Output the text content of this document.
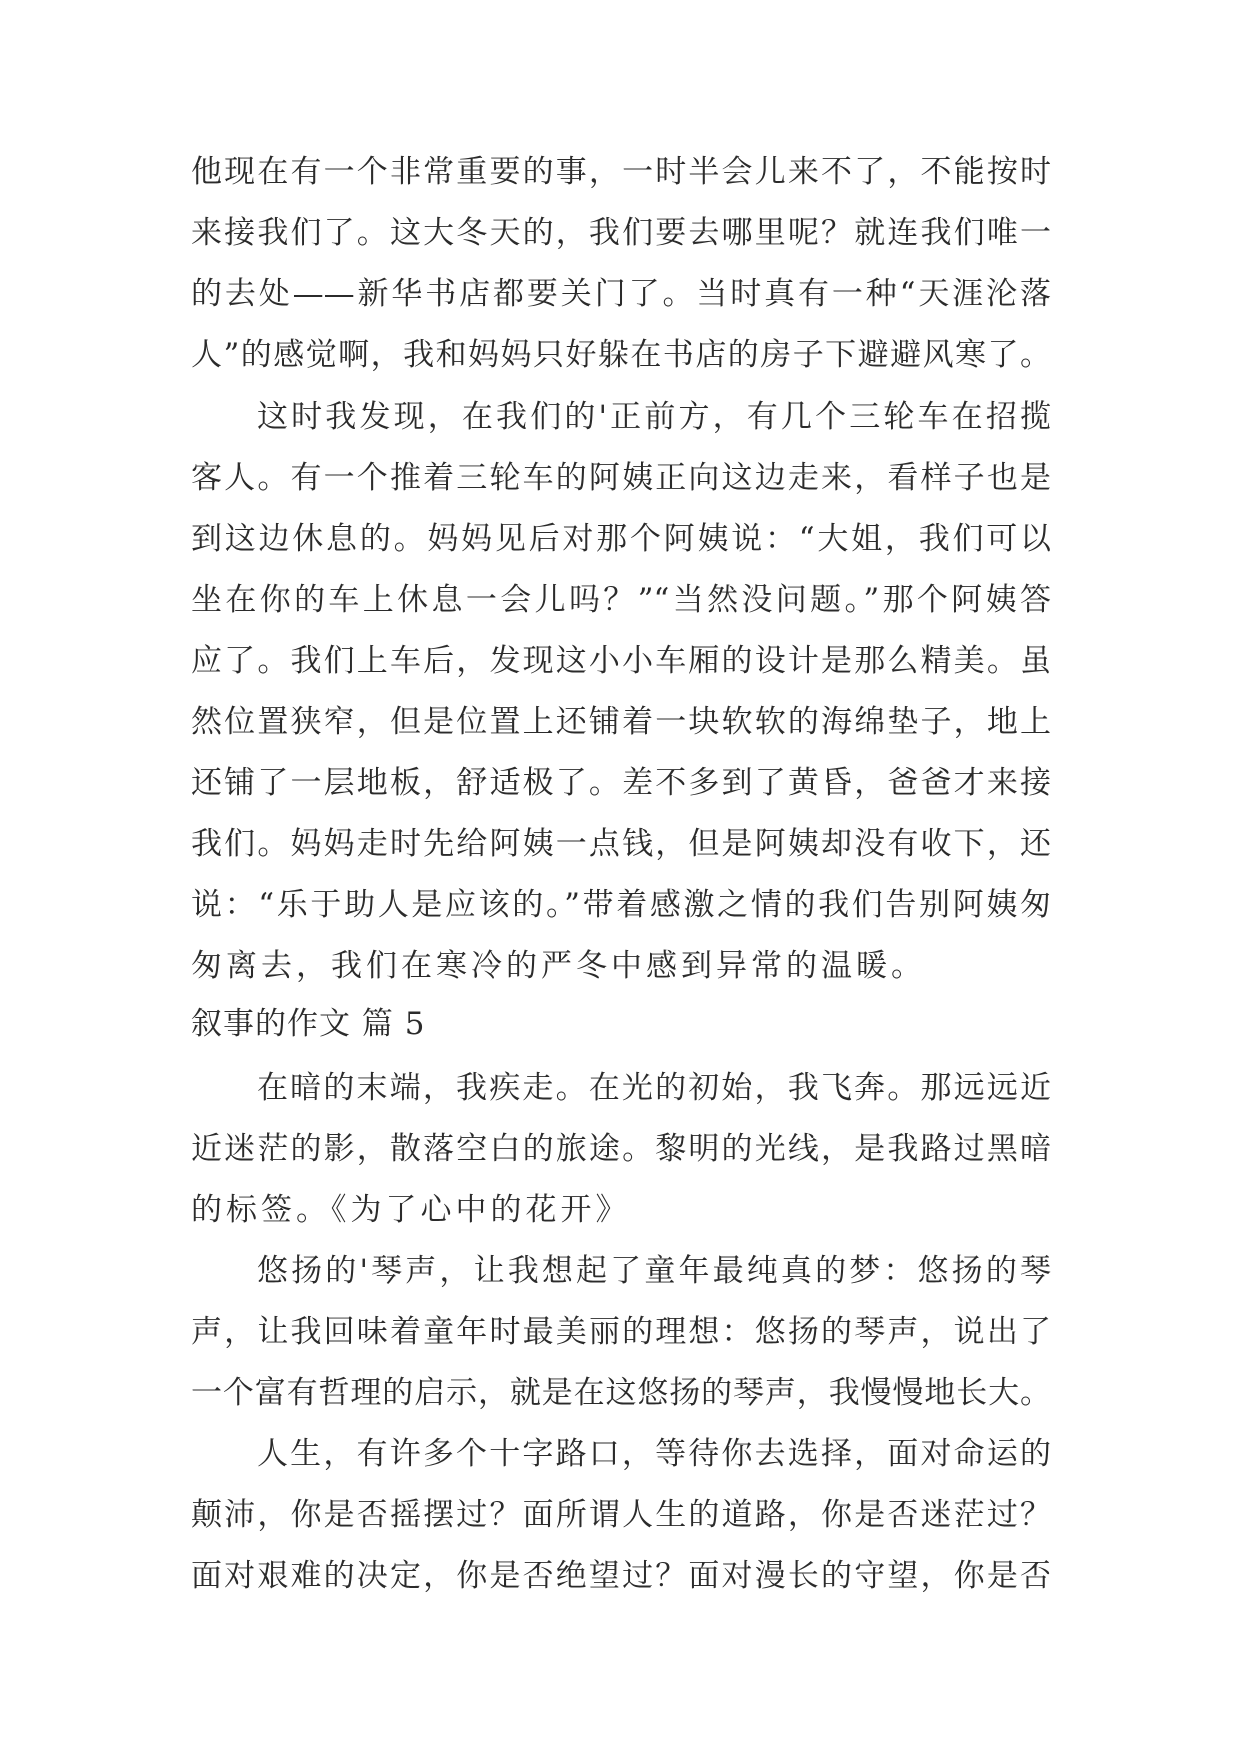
他现在有一个非常重要的事，一时半会儿来不了，不能按时
来接我们了。这大冬天的，我们要去哪里呢？就连我们唯一
的去处——新华书店都要关门了。当时真有一种“天涯沦落
人”的感觉啊，我和妈妈只好躲在书店的房子下避避风寒了。
这时我发现，在我们的'正前方，有几个三轮车在招揽
客人。有一个推着三轮车的阿姨正向这边走来，看样子也是
到这边休息的。妈妈见后对那个阿姨说：“大姐，我们可以
坐在你的车上休息一会儿吗？”“当然没问题。”那个阿姨答
应了。我们上车后，发现这小小车厢的设计是那么精美。虽
然位置狭窄，但是位置上还铺着一块软软的海绵垫子，地上
还铺了一层地板，舒适极了。差不多到了黄昏，爸爸才来接
我们。妈妈走时先给阿姨一点钱，但是阿姨却没有收下，还
说：“乐于助人是应该的。”带着感激之情的我们告别阿姨匆
匆离去，我们在寒冷的严冬中感到异常的温暖。
叙事的作文 篇 5
在暗的末端，我疾走。在光的初始，我飞奔。那远远近
近迷茫的影，散落空白的旅途。黎明的光线，是我路过黑暗
的标签。《为了心中的花开》
悠扬的'琴声，让我想起了童年最纯真的梦：悠扬的琴
声，让我回味着童年时最美丽的理想：悠扬的琴声，说出了
一个富有哲理的启示，就是在这悠扬的琴声，我慢慢地长大。
人生，有许多个十字路口，等待你去选择，面对命运的
颠沛，你是否摇摆过？面所谓人生的道路，你是否迷茫过？
面对艰难的决定，你是否绝望过？面对漫长的守望，你是否
